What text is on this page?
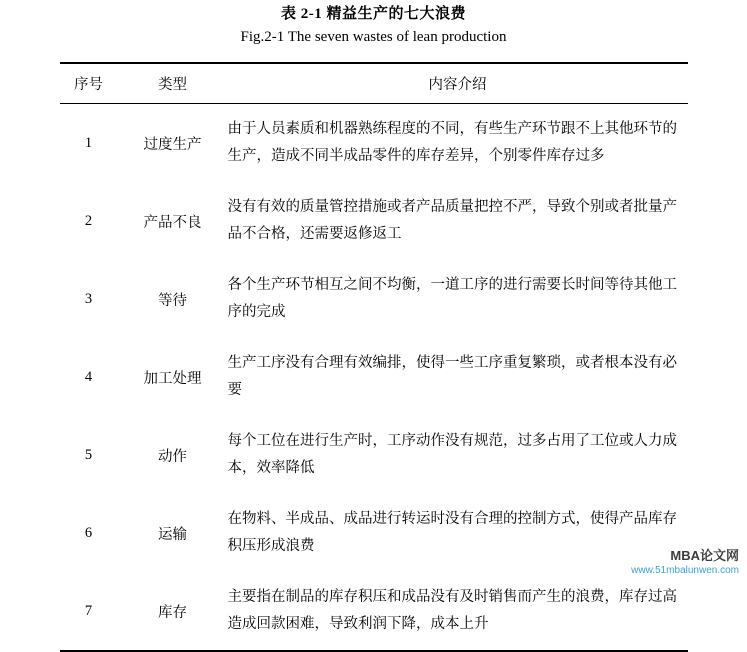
表 2-1 精益生产的七大浪费
Fig.2-1 The seven wastes of lean production
序号	类型	内容介绍
1	过度生产	由于人员素质和机器熟练程度的不同，有些生产环节跟不上其他环节的生产，造成不同半成品零件的库存差异，个别零件库存过多
2	产品不良	没有有效的质量管控措施或者产品质量把控不严，导致个别或者批量产品不合格，还需要返修返工
3	等待	各个生产环节相互之间不均衡，一道工序的进行需要长时间等待其他工序的完成
4	加工处理	生产工序没有合理有效编排，使得一些工序重复繁琐，或者根本没有必要
5	动作	每个工位在进行生产时，工序动作没有规范，过多占用了工位或人力成本，效率降低
6	运输	在物料、半成品、成品进行转运时没有合理的控制方式，使得产品库存积压形成浪费
7	库存	主要指在制品的库存积压和成品没有及时销售而产生的浪费，库存过高造成回款困难，导致利润下降，成本上升
MBA论文网
www.51mbalunwen.com
